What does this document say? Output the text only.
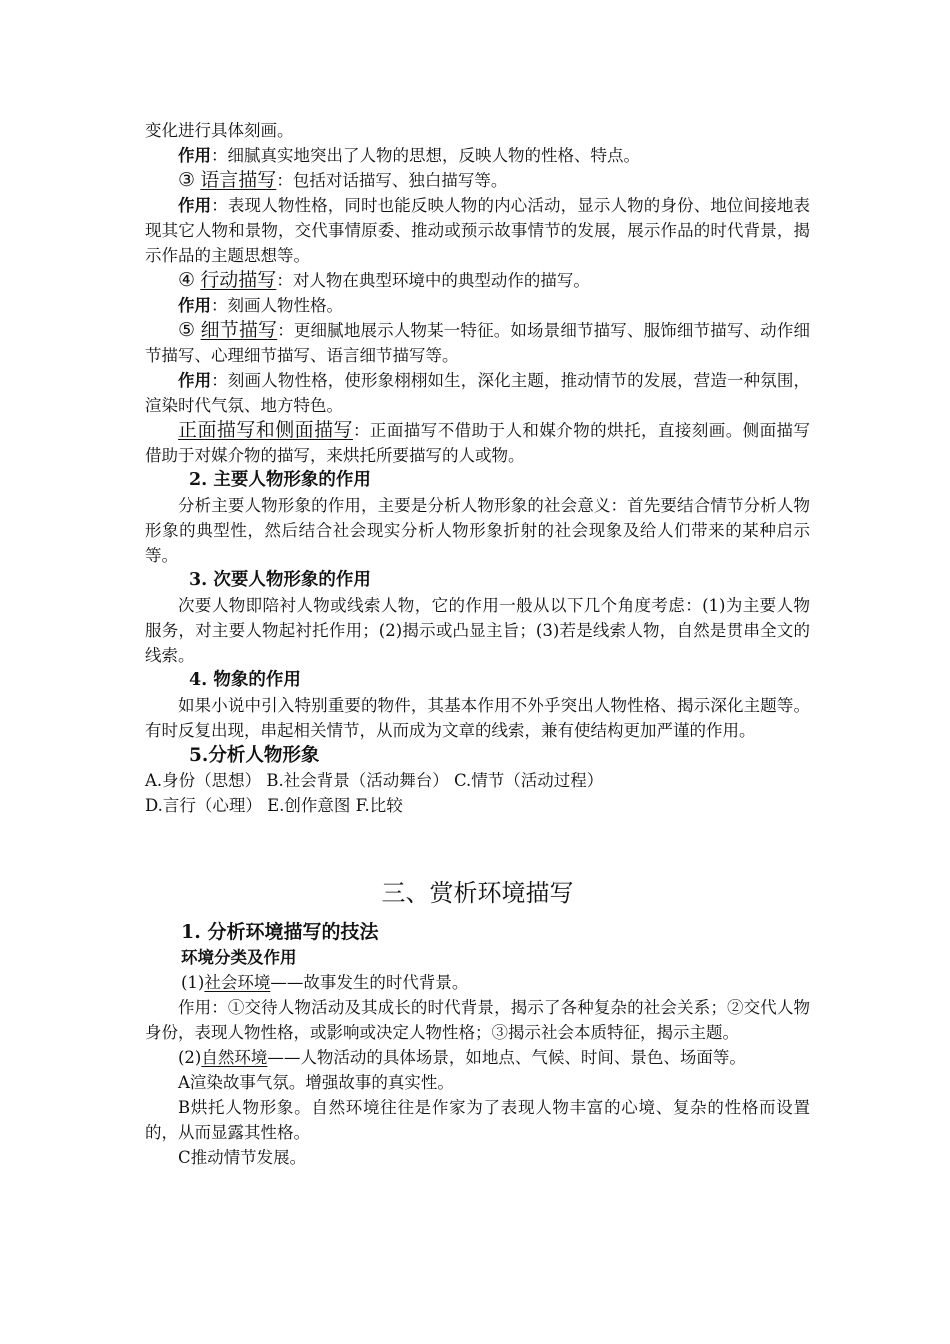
变化进行具体刻画。

作用：细腻真实地突出了人物的思想，反映人物的性格、特点。

③ 语言描写：包括对话描写、独白描写等。

作用：表现人物性格，同时也能反映人物的内心活动，显示人物的身份、地位间接地表现其它人物和景物，交代事情原委、推动或预示故事情节的发展，展示作品的时代背景，揭示作品的主题思想等。

④ 行动描写：对人物在典型环境中的典型动作的描写。

作用：刻画人物性格。

⑤ 细节描写：更细腻地展示人物某一特征。如场景细节描写、服饰细节描写、动作细节描写、心理细节描写、语言细节描写等。

作用：刻画人物性格，使形象栩栩如生，深化主题，推动情节的发展，营造一种氛围， 渲染时代气氛、地方特色。

正面描写和侧面描写：正面描写不借助于人和媒介物的烘托，直接刻画。侧面描写借助于对媒介物的描写，来烘托所要描写的人或物。

2. 主要人物形象的作用

分析主要人物形象的作用，主要是分析人物形象的社会意义：首先要结合情节分析人物形象的典型性，然后结合社会现实分析人物形象折射的社会现象及给人们带来的某种启示等。

3. 次要人物形象的作用

次要人物即陪衬人物或线索人物，它的作用一般从以下几个角度考虑：(1)为主要人物服务，对主要人物起衬托作用；(2)揭示或凸显主旨；(3)若是线索人物，自然是贯串全文的线索。

4. 物象的作用

如果小说中引入特别重要的物件，其基本作用不外乎突出人物性格、揭示深化主题等。有时反复出现，串起相关情节，从而成为文章的线索，兼有使结构更加严谨的作用。

5.分析人物形象

A.身份（思想） B.社会背景（活动舞台） C.情节（活动过程）

D.言行（心理） E.创作意图 F.比较

三、赏析环境描写

1. 分析环境描写的技法

环境分类及作用

(1)社会环境——故事发生的时代背景。

作用：①交待人物活动及其成长的时代背景，揭示了各种复杂的社会关系；②交代人物身份，表现人物性格，或影响或决定人物性格；③揭示社会本质特征，揭示主题。

(2)自然环境——人物活动的具体场景，如地点、气候、时间、景色、场面等。

A渲染故事气氛。增强故事的真实性。

B烘托人物形象。自然环境往往是作家为了表现人物丰富的心境、复杂的性格而设置的，从而显露其性格。

C推动情节发展。
